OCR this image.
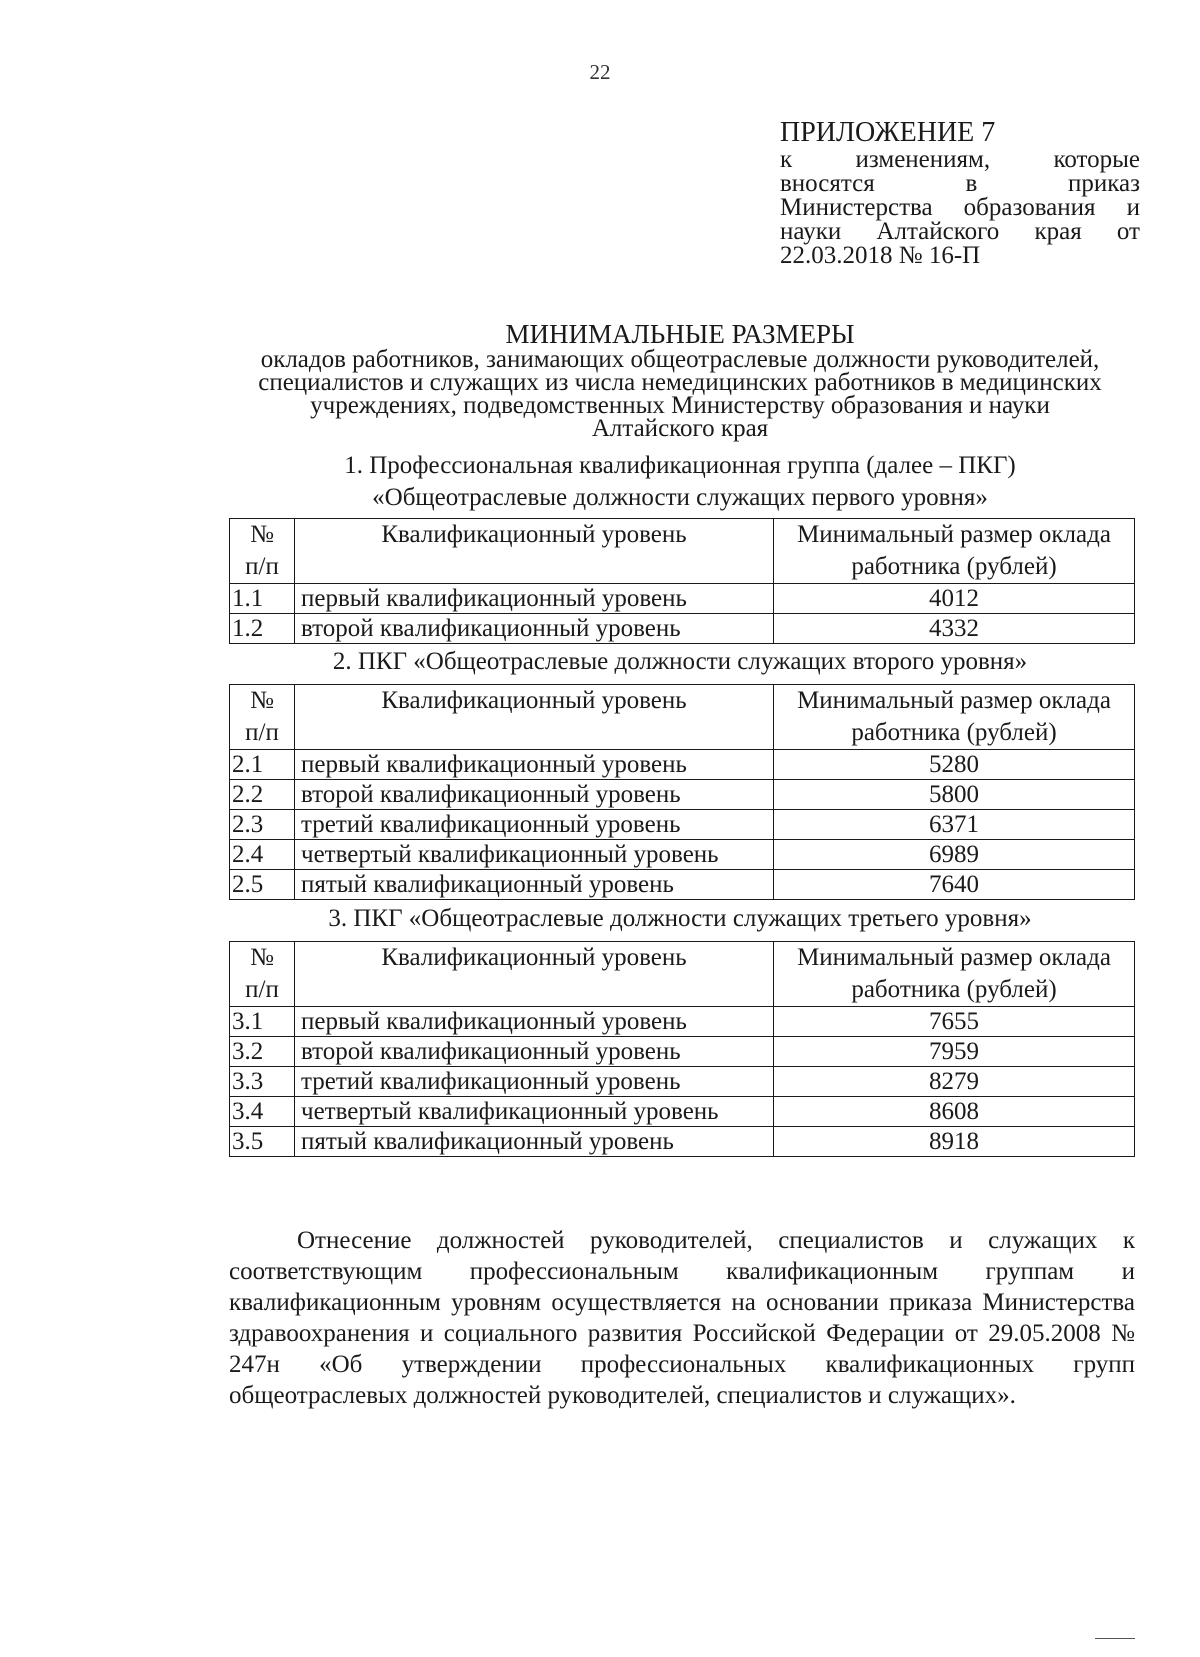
22
ПРИЛОЖЕНИЕ 7
к изменениям, которые
вносятся в приказ
Министерства образования и
науки Алтайского края от
22.03.2018 № 16-П
МИНИМАЛЬНЫЕ РАЗМЕРЫ
окладов работников, занимающих общеотраслевые должности руководителей,
специалистов и служащих из числа немедицинских работников в медицинских
учреждениях, подведомственных Министерству образования и науки
Алтайского края
1. Профессиональная квалификационная группа (далее – ПКГ)
«Общеотраслевые должности служащих первого уровня»
№
п/п	Квалификационный уровень	Минимальный размер оклада
работника (рублей)

1.1	первый квалификационный уровень	4012
1.2	второй квалификационный уровень	4332
2. ПКГ «Общеотраслевые должности служащих второго уровня»
№
п/п	Квалификационный уровень	Минимальный размер оклада
работника (рублей)

2.1	первый квалификационный уровень	5280
2.2	второй квалификационный уровень	5800
2.3	третий квалификационный уровень	6371
2.4	четвертый квалификационный уровень	6989
2.5	пятый квалификационный уровень	7640
3. ПКГ «Общеотраслевые должности служащих третьего уровня»
№
п/п	Квалификационный уровень	Минимальный размер оклада
работника (рублей)

3.1	первый квалификационный уровень	7655
3.2	второй квалификационный уровень	7959
3.3	третий квалификационный уровень	8279
3.4	четвертый квалификационный уровень	8608
3.5	пятый квалификационный уровень	8918
Отнесение должностей руководителей, специалистов и служащих к соответствующим профессиональным квалификационным группам и квалификационным уровням осуществляется на основании приказа Министерства здравоохранения и социального развития Российской Федерации от 29.05.2008 № 247н «Об утверждении профессиональных квалификационных групп общеотраслевых должностей руководителей, специалистов и служащих».
